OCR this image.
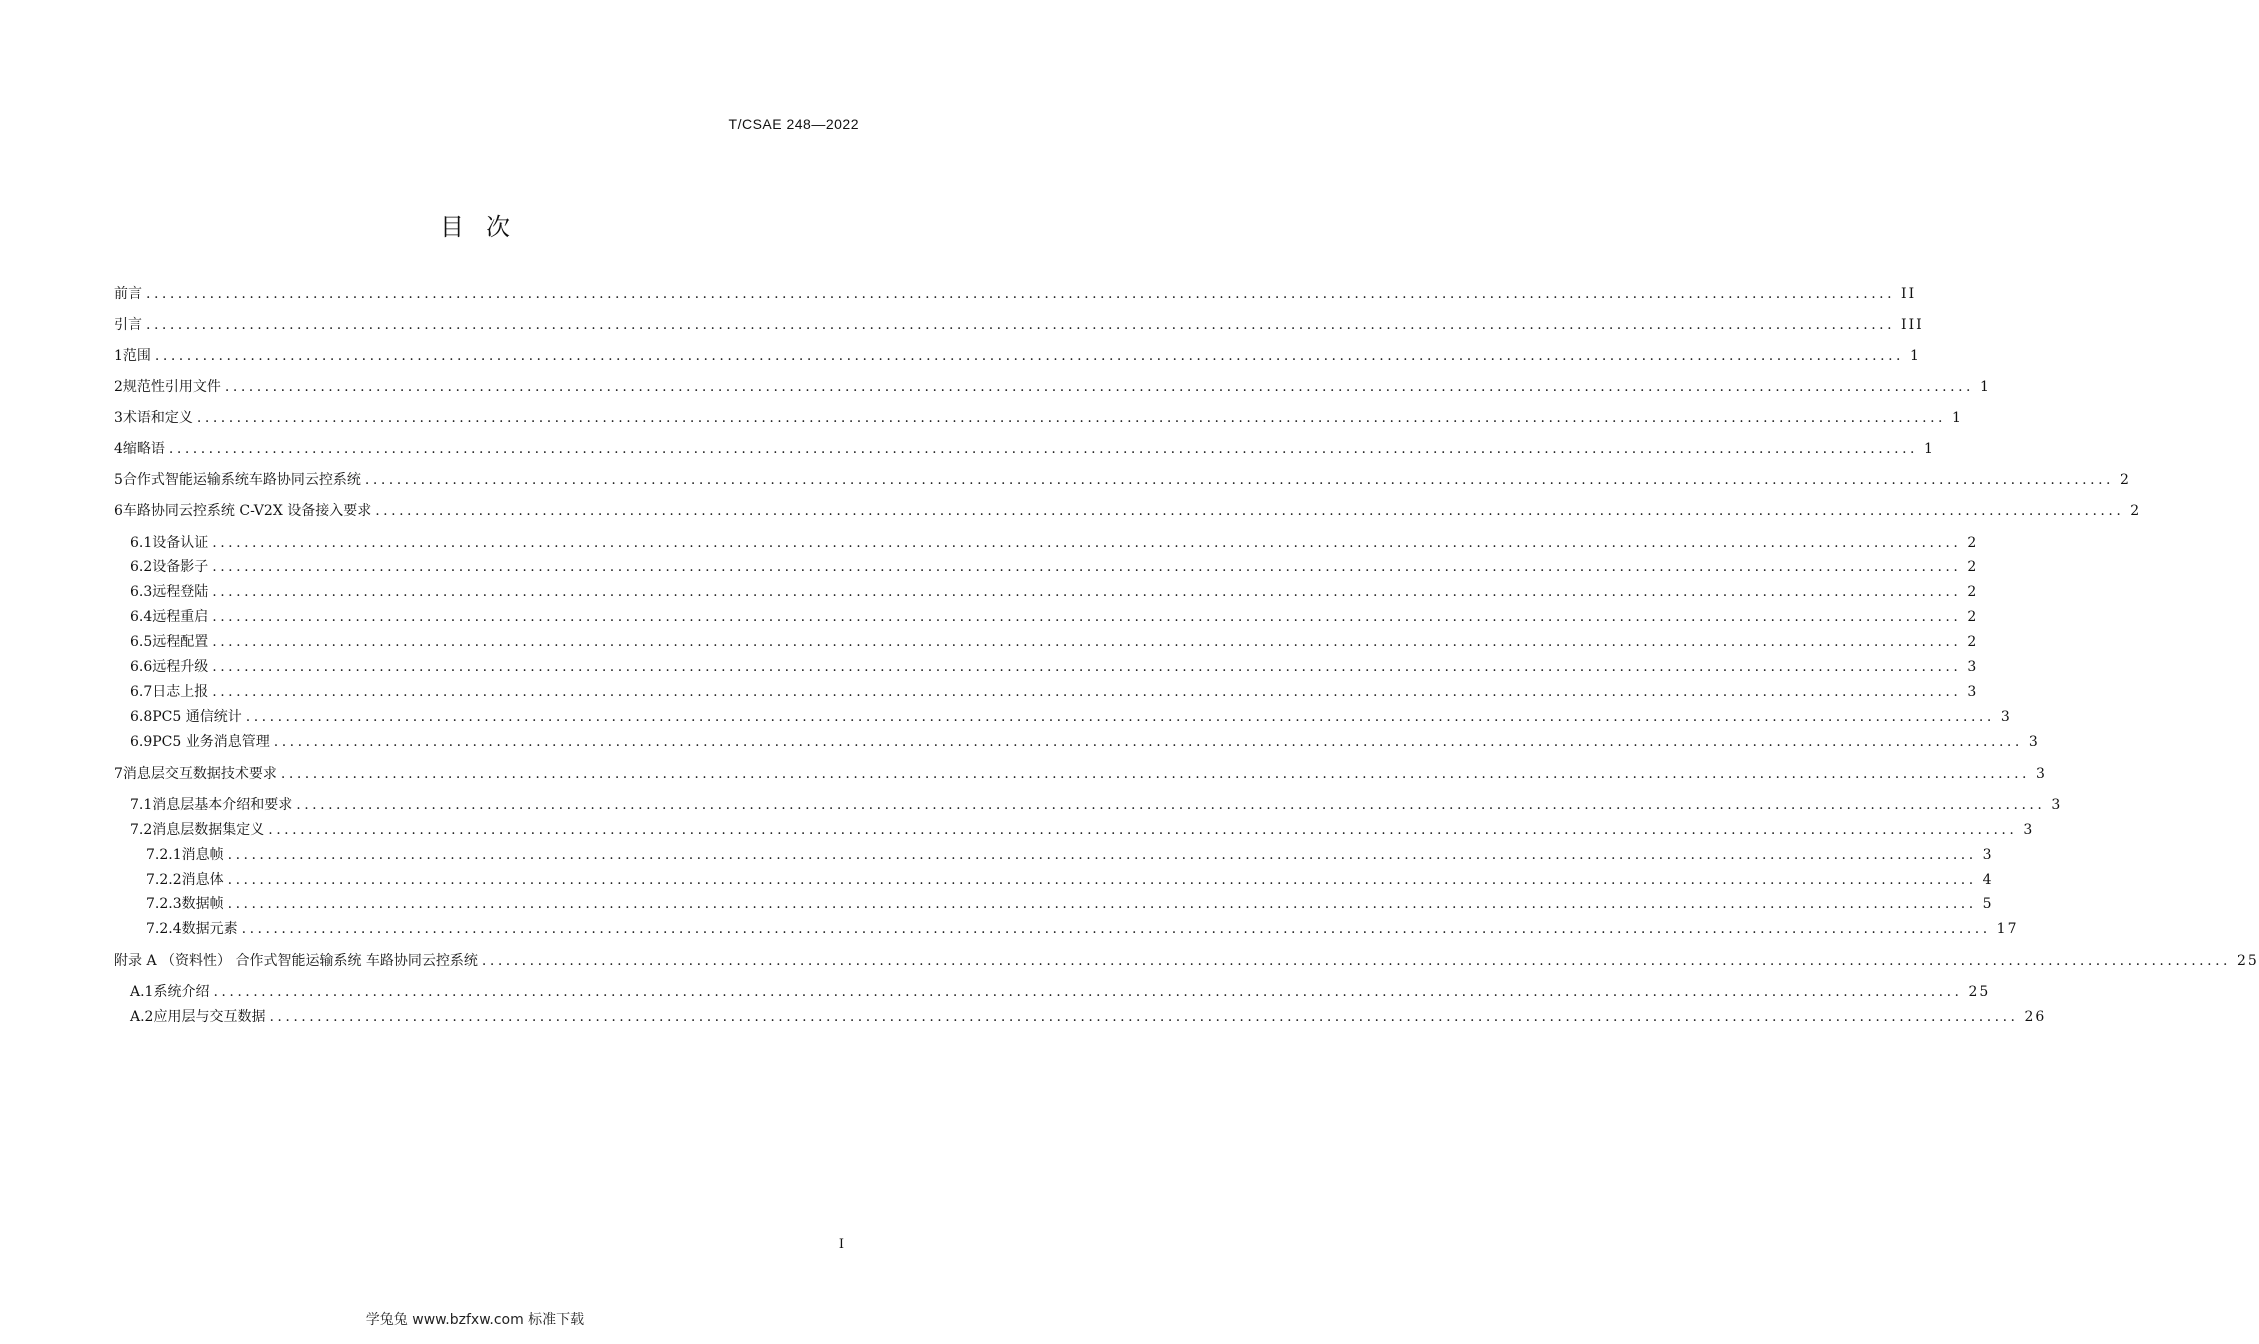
T/CSAE 248—2022
目 次
前言 ............................................................................................................................................................................................................................ II
引言 ............................................................................................................................................................................................................................ III
1 范围 ............................................................................................................................................................................................................................ 1
2 规范性引用文件 ............................................................................................................................................................................................................................ 1
3 术语和定义 ............................................................................................................................................................................................................................ 1
4 缩略语 ............................................................................................................................................................................................................................ 1
5 合作式智能运输系统车路协同云控系统 ............................................................................................................................................................................................................................ 2
6 车路协同云控系统 C-V2X 设备接入要求 ............................................................................................................................................................................................................................ 2
6.1 设备认证 ............................................................................................................................................................................................................................ 2
6.2 设备影子 ............................................................................................................................................................................................................................ 2
6.3 远程登陆 ............................................................................................................................................................................................................................ 2
6.4 远程重启 ............................................................................................................................................................................................................................ 2
6.5 远程配置 ............................................................................................................................................................................................................................ 2
6.6 远程升级 ............................................................................................................................................................................................................................ 3
6.7 日志上报 ............................................................................................................................................................................................................................ 3
6.8 PC5 通信统计 ............................................................................................................................................................................................................................ 3
6.9 PC5 业务消息管理 ............................................................................................................................................................................................................................ 3
7 消息层交互数据技术要求 ............................................................................................................................................................................................................................ 3
7.1 消息层基本介绍和要求 ............................................................................................................................................................................................................................ 3
7.2 消息层数据集定义 ............................................................................................................................................................................................................................ 3
7.2.1 消息帧 ............................................................................................................................................................................................................................ 3
7.2.2 消息体 ............................................................................................................................................................................................................................ 4
7.2.3 数据帧 ............................................................................................................................................................................................................................ 5
7.2.4 数据元素 ............................................................................................................................................................................................................................ 17
附录 A （资料性） 合作式智能运输系统 车路协同云控系统 ............................................................................................................................................................................................................................ 25
A.1 系统介绍 ............................................................................................................................................................................................................................ 25
A.2 应用层与交互数据 ............................................................................................................................................................................................................................ 26
I
学兔兔 www.bzfxw.com 标准下载
